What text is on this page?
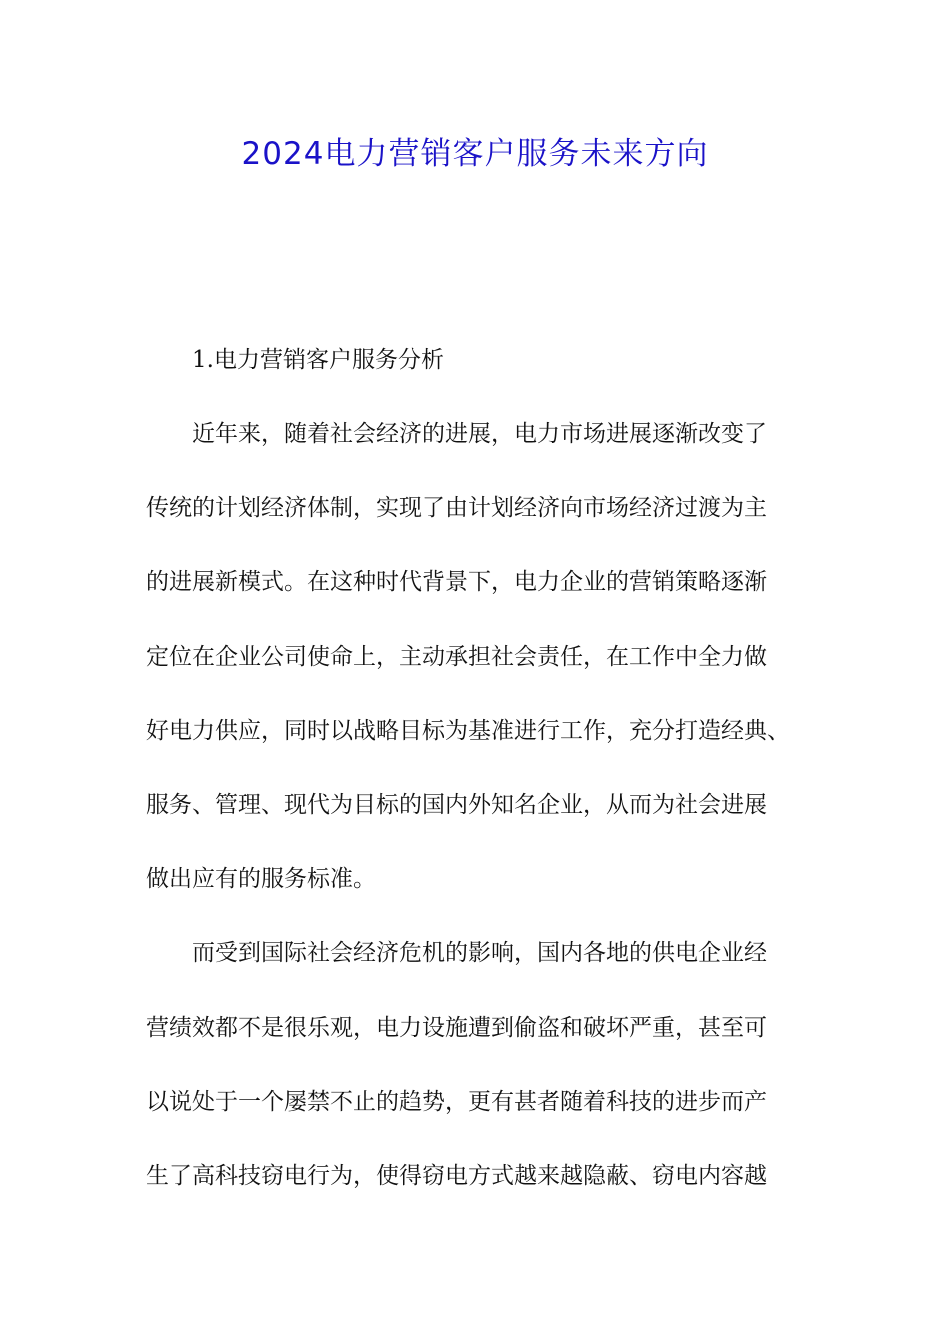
2024电力营销客户服务未来方向
1.电力营销客户服务分析
近年来，随着社会经济的进展，电力市场进展逐渐改变了
传统的计划经济体制，实现了由计划经济向市场经济过渡为主
的进展新模式。在这种时代背景下，电力企业的营销策略逐渐
定位在企业公司使命上，主动承担社会责任，在工作中全力做
好电力供应，同时以战略目标为基准进行工作，充分打造经典、
服务、管理、现代为目标的国内外知名企业，从而为社会进展
做出应有的服务标准。
而受到国际社会经济危机的影响，国内各地的供电企业经
营绩效都不是很乐观，电力设施遭到偷盗和破坏严重，甚至可
以说处于一个屡禁不止的趋势，更有甚者随着科技的进步而产
生了高科技窃电行为，使得窃电方式越来越隐蔽、窃电内容越
